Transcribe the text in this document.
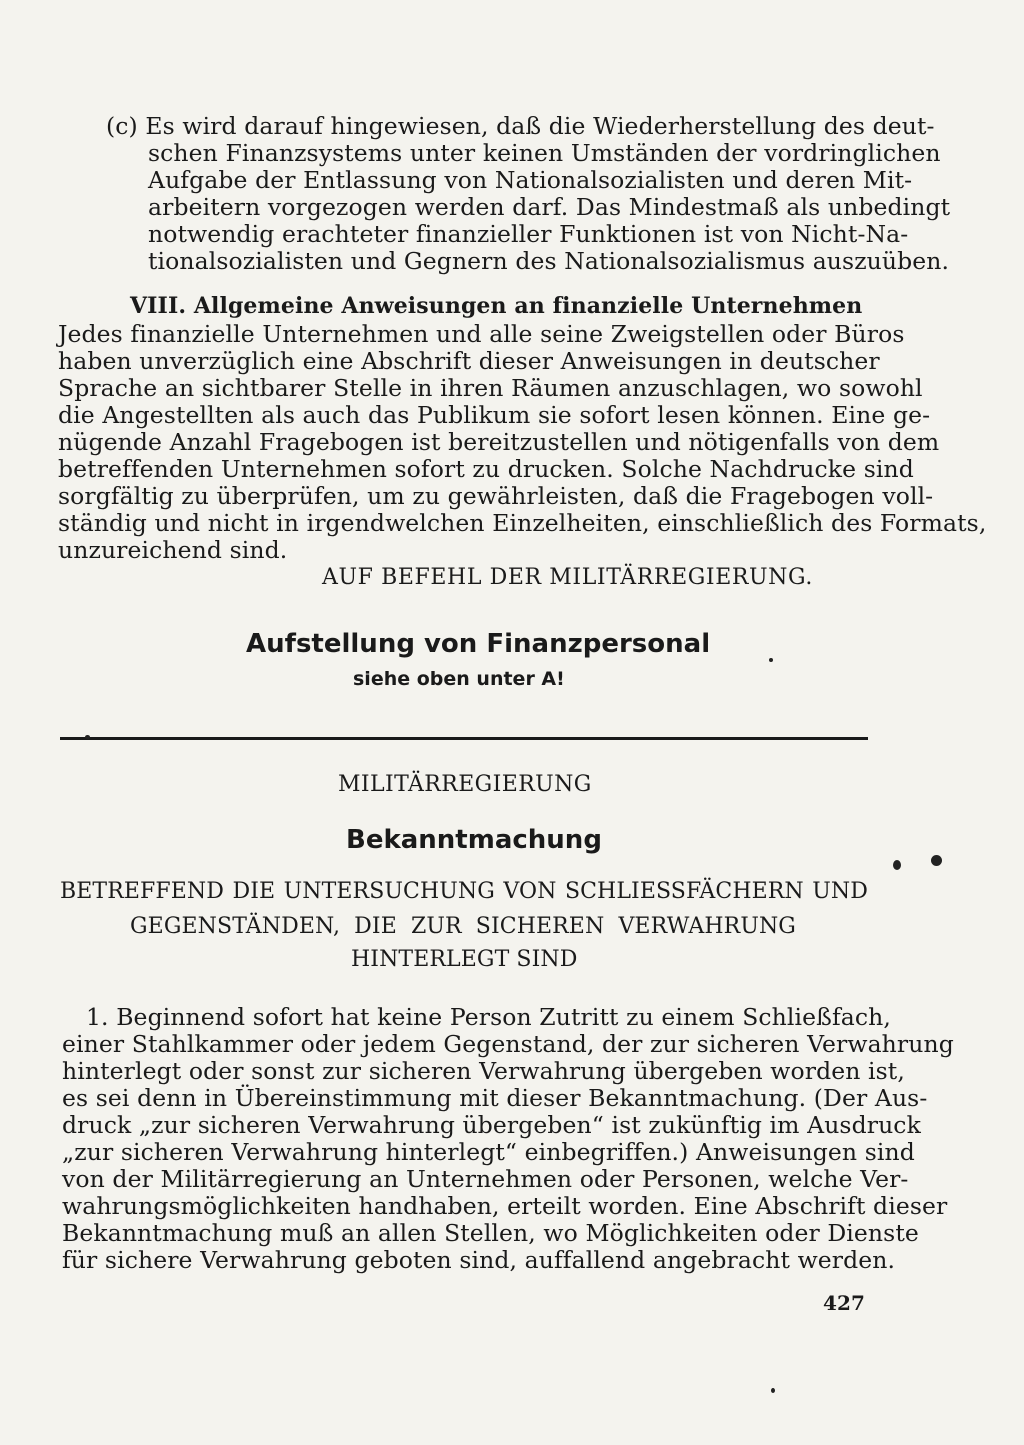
(c) Es wird darauf hingewiesen, daß die Wiederherstellung des deut-
schen Finanzsystems unter keinen Umständen der vordringlichen
Aufgabe der Entlassung von Nationalsozialisten und deren Mit-
arbeitern vorgezogen werden darf. Das Mindestmaß als unbedingt
notwendig erachteter finanzieller Funktionen ist von Nicht-Na-
tionalsozialisten und Gegnern des Nationalsozialismus auszuüben.
VIII. Allgemeine Anweisungen an finanzielle Unternehmen
Jedes finanzielle Unternehmen und alle seine Zweigstellen oder Büros
haben unverzüglich eine Abschrift dieser Anweisungen in deutscher
Sprache an sichtbarer Stelle in ihren Räumen anzuschlagen, wo sowohl
die Angestellten als auch das Publikum sie sofort lesen können. Eine ge-
nügende Anzahl Fragebogen ist bereitzustellen und nötigenfalls von dem
betreffenden Unternehmen sofort zu drucken. Solche Nachdrucke sind
sorgfältig zu überprüfen, um zu gewährleisten, daß die Fragebogen voll-
ständig und nicht in irgendwelchen Einzelheiten, einschließlich des Formats,
unzureichend sind.
AUF BEFEHL DER MILITÄRREGIERUNG.
Aufstellung von Finanzpersonal
siehe oben unter A!
MILITÄRREGIERUNG
Bekanntmachung
BETREFFEND DIE UNTERSUCHUNG VON SCHLIESSFÄCHERN UND
GEGENSTÄNDEN, DIE ZUR SICHEREN VERWAHRUNG
HINTERLEGT SIND
1. Beginnend sofort hat keine Person Zutritt zu einem Schließfach,
einer Stahlkammer oder jedem Gegenstand, der zur sicheren Verwahrung
hinterlegt oder sonst zur sicheren Verwahrung übergeben worden ist,
es sei denn in Übereinstimmung mit dieser Bekanntmachung. (Der Aus-
druck „zur sicheren Verwahrung übergeben“ ist zukünftig im Ausdruck
„zur sicheren Verwahrung hinterlegt“ einbegriffen.) Anweisungen sind
von der Militärregierung an Unternehmen oder Personen, welche Ver-
wahrungsmöglichkeiten handhaben, erteilt worden. Eine Abschrift dieser
Bekanntmachung muß an allen Stellen, wo Möglichkeiten oder Dienste
für sichere Verwahrung geboten sind, auffallend angebracht werden.
427
